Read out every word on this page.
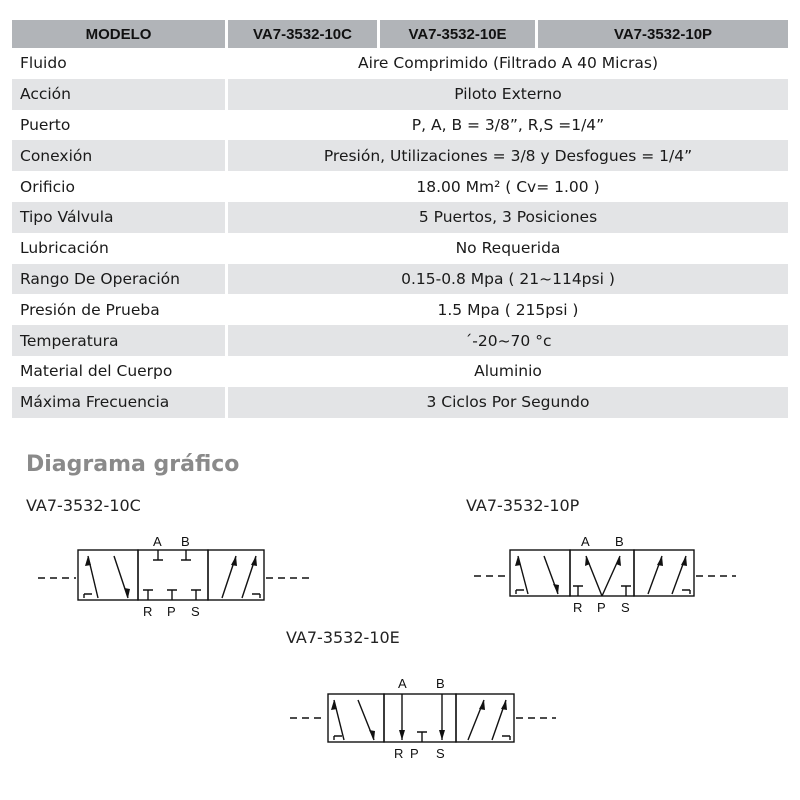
MODELO	VA7-3532-10C	VA7-3532-10E	VA7-3532-10P
Fluido	Aire Comprimido (Filtrado A 40 Micras)		
Acción	Piloto Externo		
Puerto	P, A, B = 3/8”, R,S =1/4”		
Conexión	Presión, Utilizaciones = 3/8 y Desfogues = 1/4”		
Orificio	18.00 Mm² ( Cv= 1.00 )		
Tipo Válvula	5 Puertos, 3 Posiciones		
Lubricación	No Requerida		
Rango De Operación	0.15-0.8 Mpa ( 21~114psi )		
Presión de Prueba	1.5 Mpa ( 215psi )		
Temperatura	´-20~70 °c		
Material del Cuerpo	Aluminio		
Máxima Frecuencia	3 Ciclos Por Segundo		
Diagrama gráfico
VA7-3532-10C	VA7-3532-10P
VA7-3532-10E
A B
R P S
A B
R P S
A B
R P S
